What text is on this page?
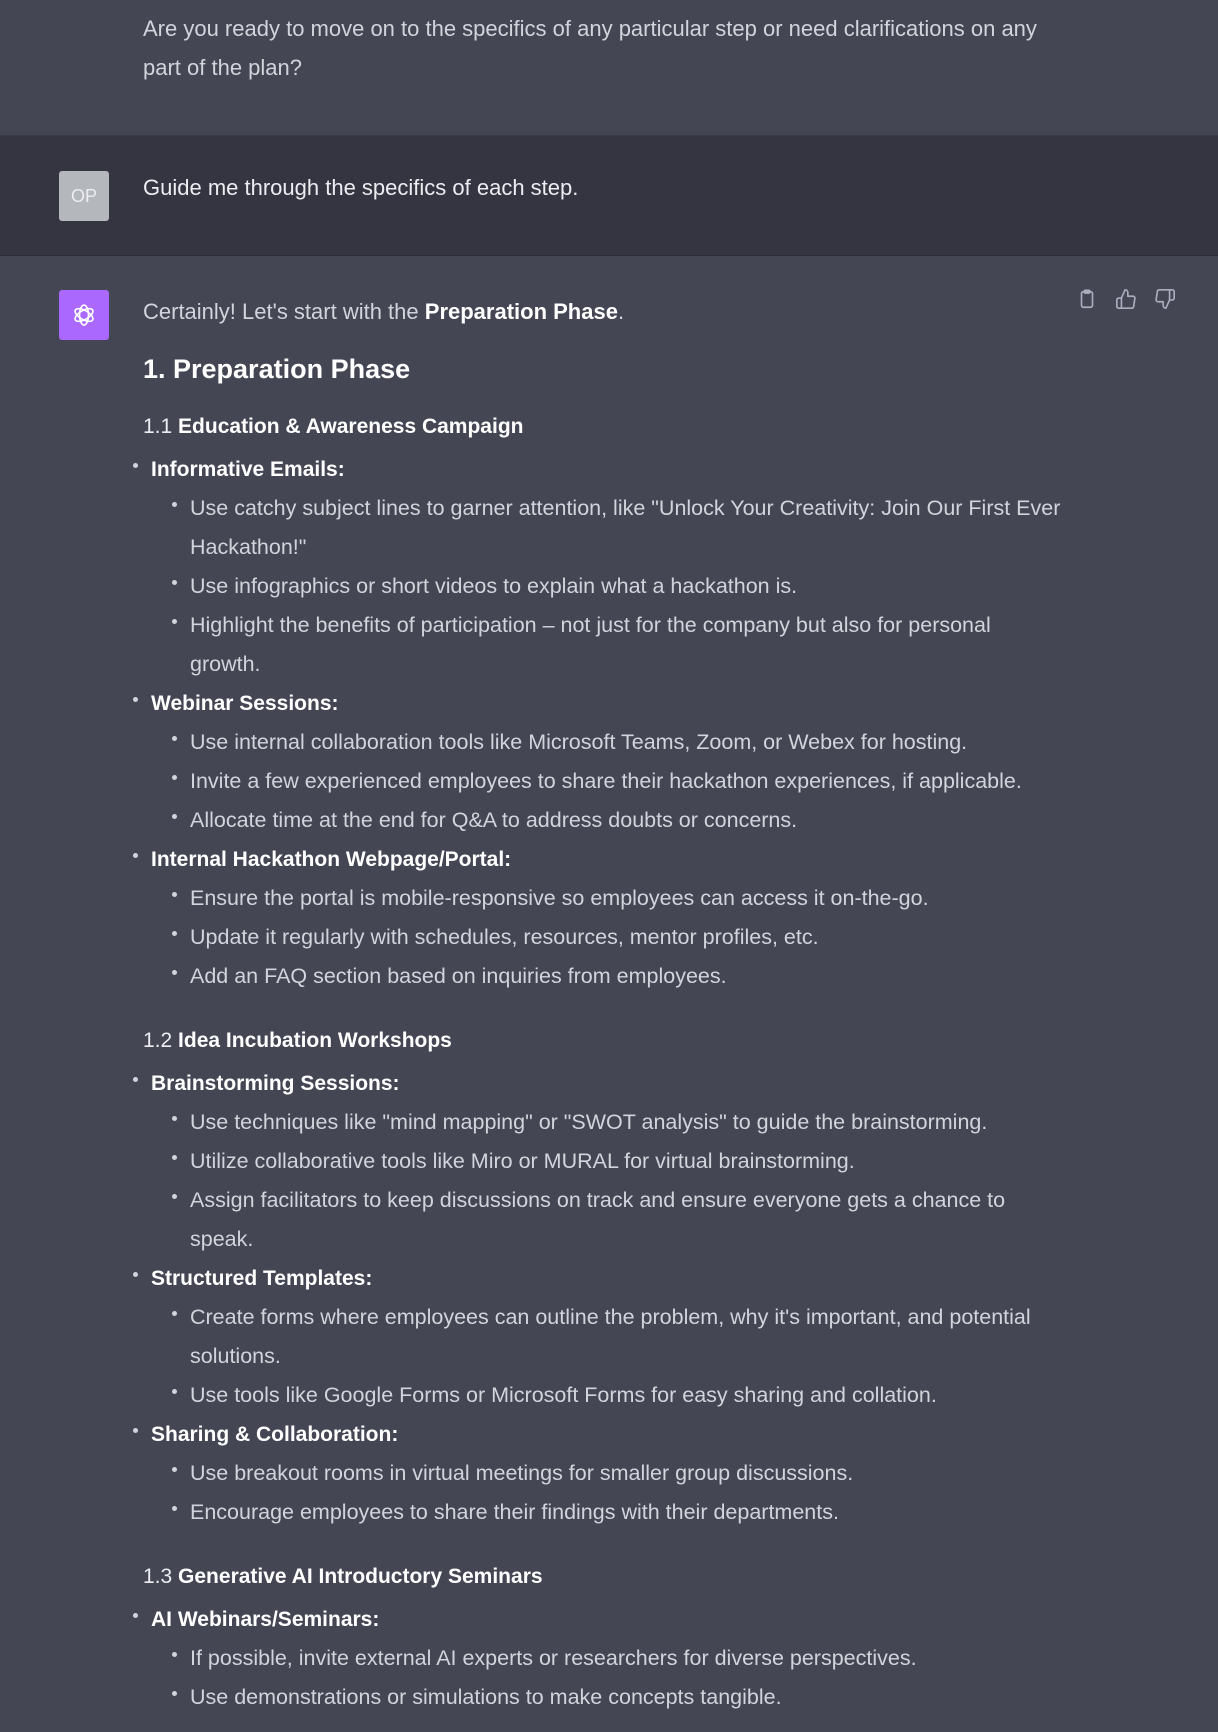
Are you ready to move on to the specifics of any particular step or need clarifications on any part of the plan?

OP	Guide me through the specifics of each step.

Certainly! Let's start with the Preparation Phase.

1. Preparation Phase

1.1 Education & Awareness Campaign

Informative Emails:
Use catchy subject lines to garner attention, like "Unlock Your Creativity: Join Our First Ever Hackathon!"
Use infographics or short videos to explain what a hackathon is.
Highlight the benefits of participation – not just for the company but also for personal growth.
Webinar Sessions:
Use internal collaboration tools like Microsoft Teams, Zoom, or Webex for hosting.
Invite a few experienced employees to share their hackathon experiences, if applicable.
Allocate time at the end for Q&A to address doubts or concerns.
Internal Hackathon Webpage/Portal:
Ensure the portal is mobile-responsive so employees can access it on-the-go.
Update it regularly with schedules, resources, mentor profiles, etc.
Add an FAQ section based on inquiries from employees.

1.2 Idea Incubation Workshops

Brainstorming Sessions:
Use techniques like "mind mapping" or "SWOT analysis" to guide the brainstorming.
Utilize collaborative tools like Miro or MURAL for virtual brainstorming.
Assign facilitators to keep discussions on track and ensure everyone gets a chance to speak.
Structured Templates:
Create forms where employees can outline the problem, why it's important, and potential solutions.
Use tools like Google Forms or Microsoft Forms for easy sharing and collation.
Sharing & Collaboration:
Use breakout rooms in virtual meetings for smaller group discussions.
Encourage employees to share their findings with their departments.

1.3 Generative AI Introductory Seminars

AI Webinars/Seminars:
If possible, invite external AI experts or researchers for diverse perspectives.
Use demonstrations or simulations to make concepts tangible.
